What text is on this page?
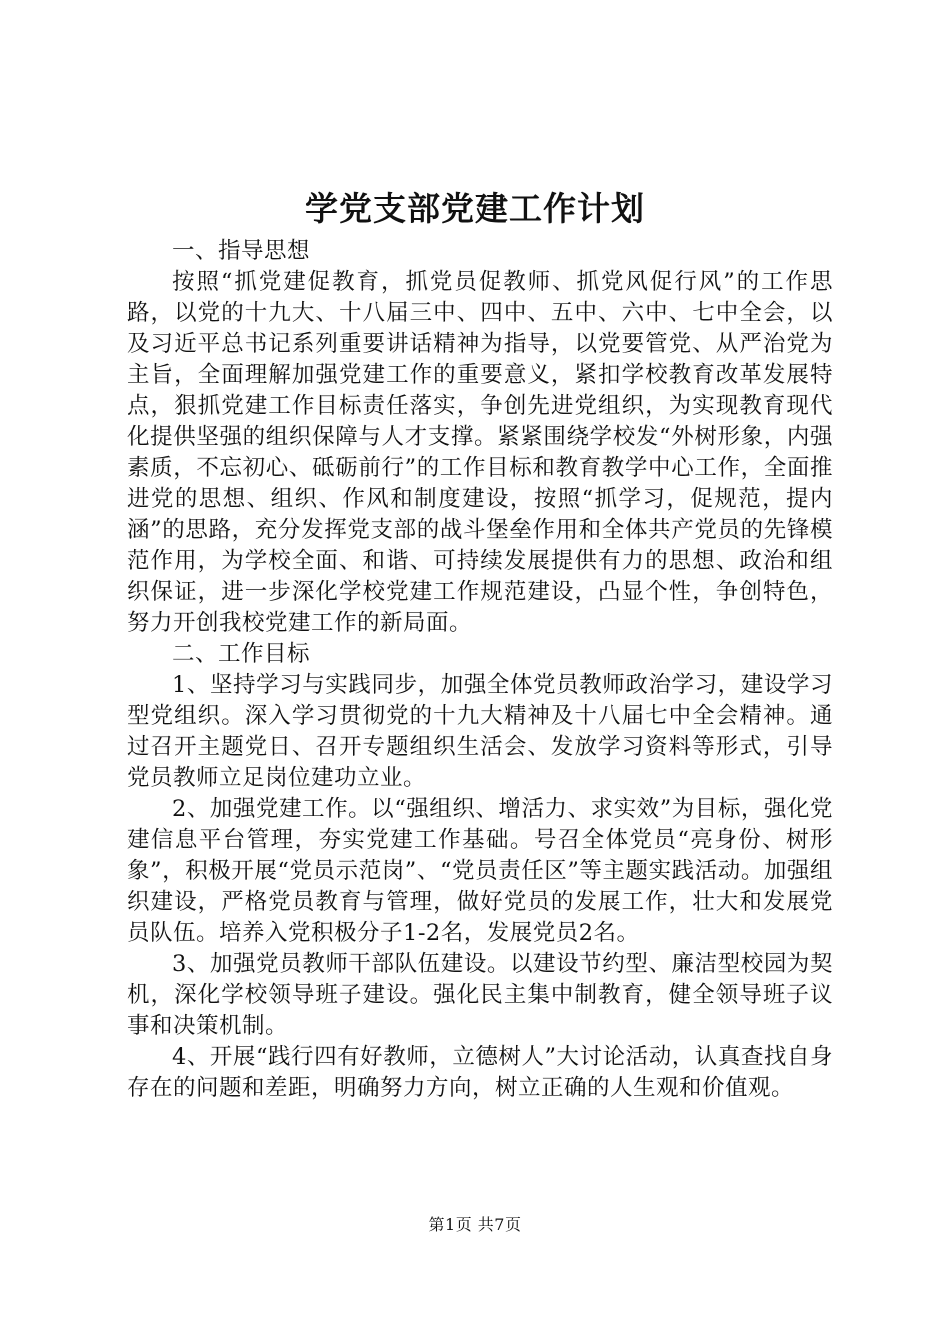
学党支部党建工作计划

一、指导思想

按照“抓党建促教育，抓党员促教师、抓党风促行风”的工作思路，以党的十九大、十八届三中、四中、五中、六中、七中全会，以及习近平总书记系列重要讲话精神为指导，以党要管党、从严治党为主旨，全面理解加强党建工作的重要意义，紧扣学校教育改革发展特点，狠抓党建工作目标责任落实，争创先进党组织，为实现教育现代化提供坚强的组织保障与人才支撑。紧紧围绕学校发“外树形象，内强素质，不忘初心、砥砺前行”的工作目标和教育教学中心工作，全面推进党的思想、组织、作风和制度建设，按照“抓学习，促规范，提内涵”的思路，充分发挥党支部的战斗堡垒作用和全体共产党员的先锋模范作用，为学校全面、和谐、可持续发展提供有力的思想、政治和组织保证，进一步深化学校党建工作规范建设，凸显个性，争创特色，努力开创我校党建工作的新局面。

二、工作目标

1、坚持学习与实践同步，加强全体党员教师政治学习，建设学习型党组织。深入学习贯彻党的十九大精神及十八届七中全会精神。通过召开主题党日、召开专题组织生活会、发放学习资料等形式，引导党员教师立足岗位建功立业。

2、加强党建工作。以“强组织、增活力、求实效”为目标，强化党建信息平台管理，夯实党建工作基础。号召全体党员“亮身份、树形象”，积极开展“党员示范岗”、“党员责任区”等主题实践活动。加强组织建设，严格党员教育与管理，做好党员的发展工作，壮大和发展党员队伍。培养入党积极分子1-2名，发展党员2名。

3、加强党员教师干部队伍建设。以建设节约型、廉洁型校园为契机，深化学校领导班子建设。强化民主集中制教育，健全领导班子议事和决策机制。

4、开展“践行四有好教师，立德树人”大讨论活动，认真查找自身存在的问题和差距，明确努力方向，树立正确的人生观和价值观。

第1页 共7页
